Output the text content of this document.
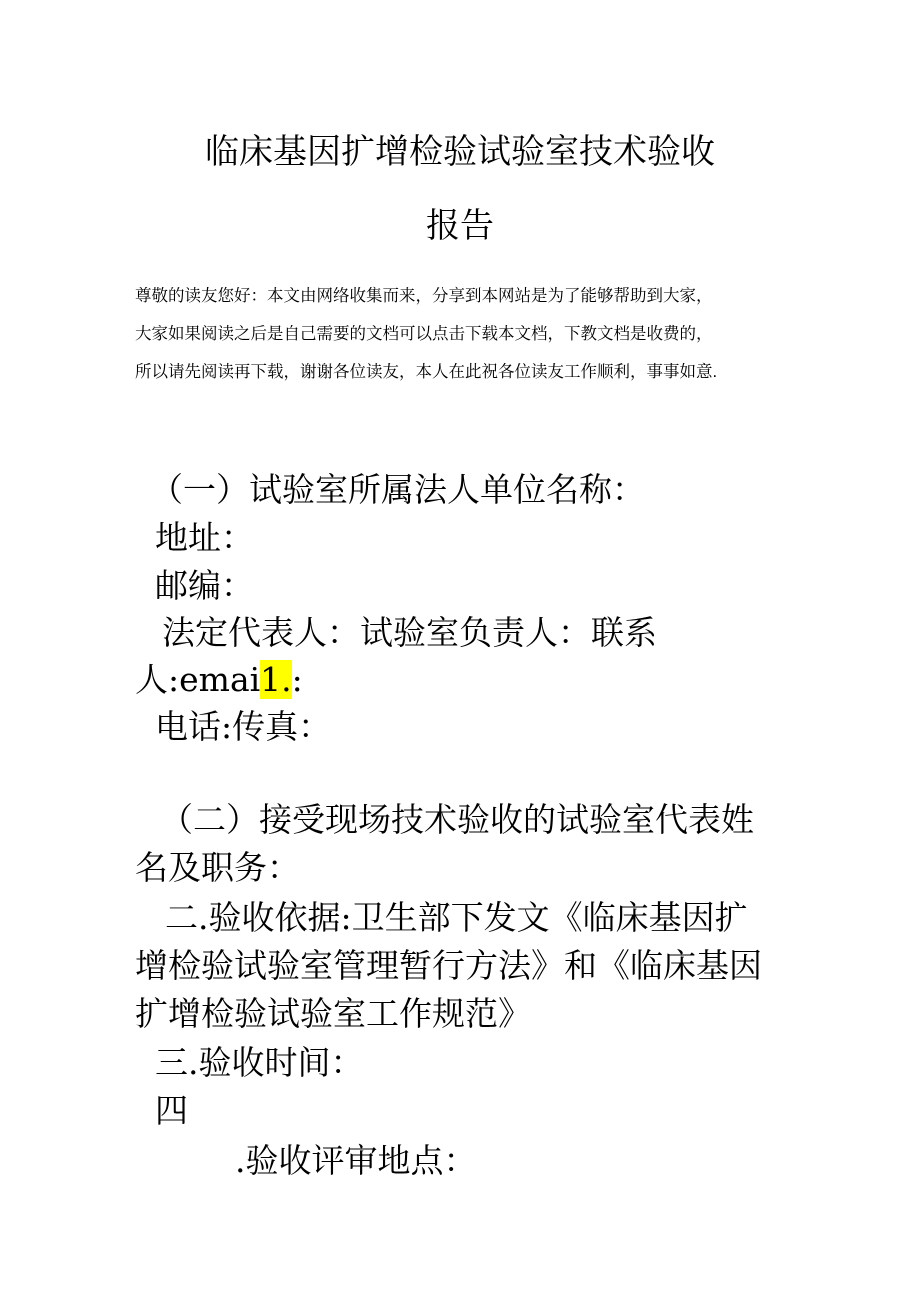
临床基因扩增检验试验室技术验收
报告
尊敬的读友您好：本文由网络收集而来，分享到本网站是为了能够帮助到大家，
大家如果阅读之后是自己需要的文档可以点击下载本文档，下教文档是收费的，
所以请先阅读再下载，谢谢各位读友，本人在此祝各位读友工作顺利，事事如意.
（一）试验室所属法人单位名称：
地址：
邮编：
法定代表人：试验室负责人：联系
人:emai1.:
电话:传真：
（二）接受现场技术验收的试验室代表姓
名及职务：
二.验收依据:卫生部下发文《临床基因扩
增检验试验室管理暂行方法》和《临床基因
扩增检验试验室工作规范》
三.验收时间：
四
.验收评审地点：
